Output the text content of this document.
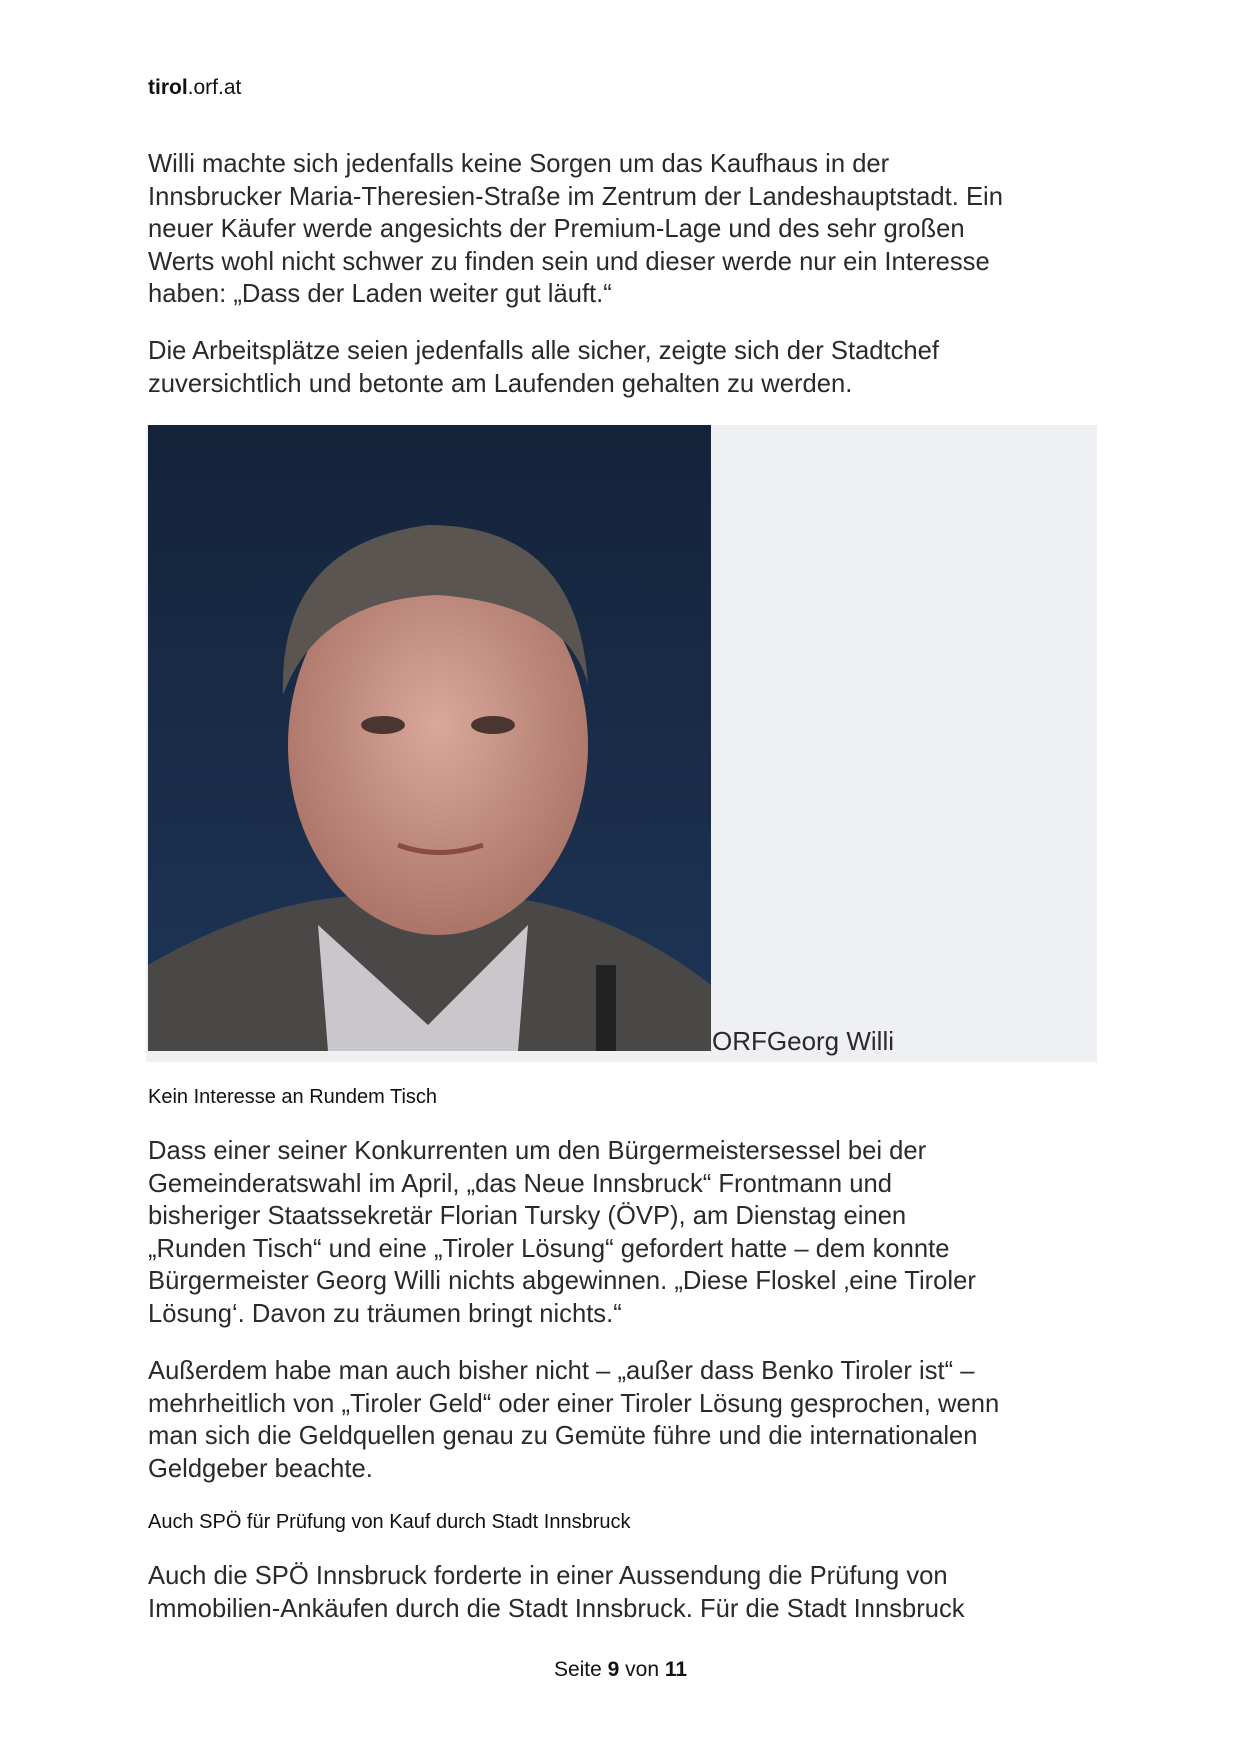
tirol.orf.at
Willi machte sich jedenfalls keine Sorgen um das Kaufhaus in der
Innsbrucker Maria-Theresien-Straße im Zentrum der Landeshauptstadt. Ein
neuer Käufer werde angesichts der Premium-Lage und des sehr großen
Werts wohl nicht schwer zu finden sein und dieser werde nur ein Interesse
haben: „Dass der Laden weiter gut läuft.“
Die Arbeitsplätze seien jedenfalls alle sicher, zeigte sich der Stadtchef
zuversichtlich und betonte am Laufenden gehalten zu werden.
ORFGeorg Willi
Kein Interesse an Rundem Tisch
Dass einer seiner Konkurrenten um den Bürgermeistersessel bei der
Gemeinderatswahl im April, „das Neue Innsbruck“ Frontmann und
bisheriger Staatssekretär Florian Tursky (ÖVP), am Dienstag einen
„Runden Tisch“ und eine „Tiroler Lösung“ gefordert hatte – dem konnte
Bürgermeister Georg Willi nichts abgewinnen. „Diese Floskel ‚eine Tiroler
Lösung‘. Davon zu träumen bringt nichts.“
Außerdem habe man auch bisher nicht – „außer dass Benko Tiroler ist“ –
mehrheitlich von „Tiroler Geld“ oder einer Tiroler Lösung gesprochen, wenn
man sich die Geldquellen genau zu Gemüte führe und die internationalen
Geldgeber beachte.
Auch SPÖ für Prüfung von Kauf durch Stadt Innsbruck
Auch die SPÖ Innsbruck forderte in einer Aussendung die Prüfung von
Immobilien-Ankäufen durch die Stadt Innsbruck. Für die Stadt Innsbruck
Seite 9 von 11
